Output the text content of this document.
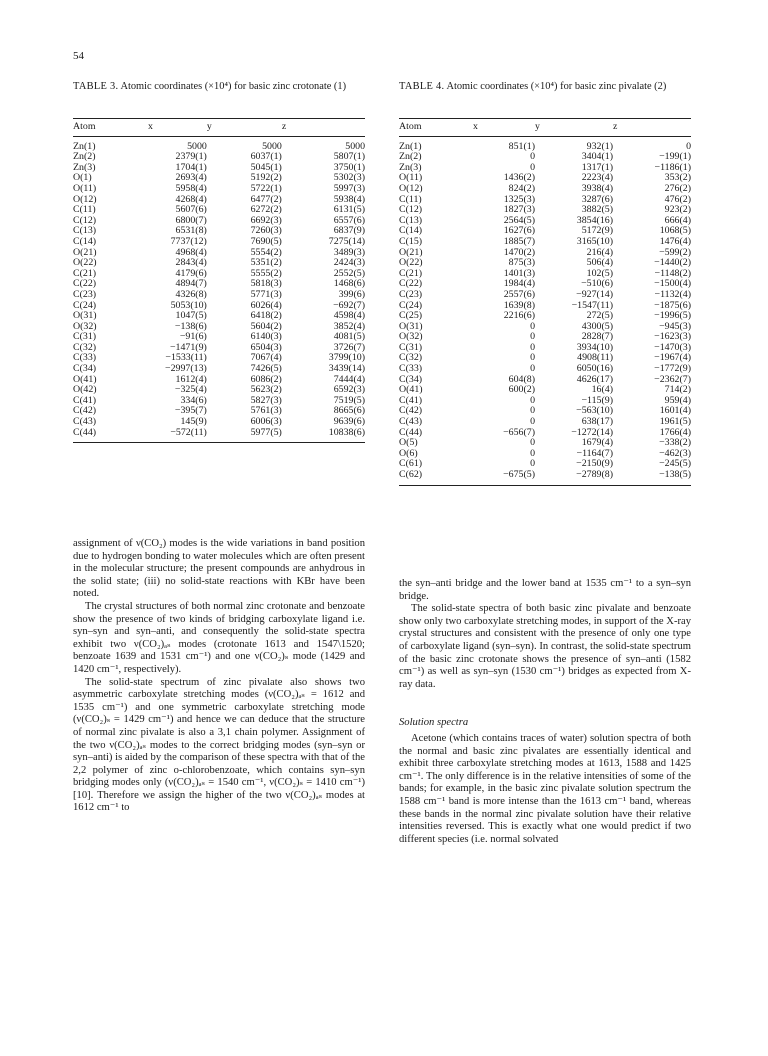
54
TABLE 3. Atomic coordinates (×10⁴) for basic zinc crotonate (1)
Atom	x	y	z
Zn(1)	5000	5000	5000
Zn(2)	2379(1)	6037(1)	5807(1)
Zn(3)	1704(1)	5045(1)	3750(1)
O(1)	2693(4)	5192(2)	5302(3)
O(11)	5958(4)	5722(1)	5997(3)
O(12)	4268(4)	6477(2)	5938(4)
C(11)	5607(6)	6272(2)	6131(5)
C(12)	6800(7)	6692(3)	6557(6)
C(13)	6531(8)	7260(3)	6837(9)
C(14)	7737(12)	7690(5)	7275(14)
O(21)	4968(4)	5554(2)	3489(3)
O(22)	2843(4)	5351(2)	2424(3)
C(21)	4179(6)	5555(2)	2552(5)
C(22)	4894(7)	5818(3)	1468(6)
C(23)	4326(8)	5771(3)	399(6)
C(24)	5053(10)	6026(4)	−692(7)
O(31)	1047(5)	6418(2)	4598(4)
O(32)	−138(6)	5604(2)	3852(4)
C(31)	−91(6)	6140(3)	4081(5)
C(32)	−1471(9)	6504(3)	3726(7)
C(33)	−1533(11)	7067(4)	3799(10)
C(34)	−2997(13)	7426(5)	3439(14)
O(41)	1612(4)	6086(2)	7444(4)
O(42)	−325(4)	5623(2)	6592(3)
C(41)	334(6)	5827(3)	7519(5)
C(42)	−395(7)	5761(3)	8665(6)
C(43)	145(9)	6006(3)	9639(6)
C(44)	−572(11)	5977(5)	10838(6)
TABLE 4. Atomic coordinates (×10⁴) for basic zinc pivalate (2)
Atom	x	y	z
Zn(1)	851(1)	932(1)	0
Zn(2)	0	3404(1)	−199(1)
Zn(3)	0	1317(1)	−1186(1)
O(11)	1436(2)	2223(4)	353(2)
O(12)	824(2)	3938(4)	276(2)
C(11)	1325(3)	3287(6)	476(2)
C(12)	1827(3)	3882(5)	923(2)
C(13)	2564(5)	3854(16)	666(4)
C(14)	1627(6)	5172(9)	1068(5)
C(15)	1885(7)	3165(10)	1476(4)
O(21)	1470(2)	216(4)	−599(2)
O(22)	875(3)	506(4)	−1440(2)
C(21)	1401(3)	102(5)	−1148(2)
C(22)	1984(4)	−510(6)	−1500(4)
C(23)	2557(6)	−927(14)	−1132(4)
C(24)	1639(8)	−1547(11)	−1875(6)
C(25)	2216(6)	272(5)	−1996(5)
O(31)	0	4300(5)	−945(3)
O(32)	0	2828(7)	−1623(3)
C(31)	0	3934(10)	−1470(3)
C(32)	0	4908(11)	−1967(4)
C(33)	0	6050(16)	−1772(9)
C(34)	604(8)	4626(17)	−2362(7)
O(41)	600(2)	16(4)	714(2)
C(41)	0	−115(9)	959(4)
C(42)	0	−563(10)	1601(4)
C(43)	0	638(17)	1961(5)
C(44)	−656(7)	−1272(14)	1766(4)
O(5)	0	1679(4)	−338(2)
O(6)	0	−1164(7)	−462(3)
C(61)	0	−2150(9)	−245(5)
C(62)	−675(5)	−2789(8)	−138(5)

assignment of ν(CO₂) modes is the wide variations in band position due to hydrogen bonding to water molecules which are often present in the molecular structure; the present compounds are anhydrous in the solid state; (iii) no solid-state reactions with KBr have been noted.

The crystal structures of both normal zinc crotonate and benzoate show the presence of two kinds of bridging carboxylate ligand i.e. syn–syn and syn–anti, and consequently the solid-state spectra exhibit two ν(CO₂)ₐₛ modes (crotonate 1613 and 1547\1520; benzoate 1639 and 1531 cm⁻¹) and one ν(CO₂)ₛ mode (1429 and 1420 cm⁻¹, respectively).

The solid-state spectrum of zinc pivalate also shows two asymmetric carboxylate stretching modes (ν(CO₂)ₐₛ = 1612 and 1535 cm⁻¹) and one symmetric carboxylate stretching mode (ν(CO₂)ₛ = 1429 cm⁻¹) and hence we can deduce that the structure of normal zinc pivalate is also a 3,1 chain polymer. Assignment of the two ν(CO₂)ₐₛ modes to the correct bridging modes (syn–syn or syn–anti) is aided by the comparison of these spectra with that of the 2,2 polymer of zinc o-chlorobenzoate, which contains syn–syn bridging modes only (ν(CO₂)ₐₛ = 1540 cm⁻¹, ν(CO₂)ₛ = 1410 cm⁻¹) [10]. Therefore we assign the higher of the two ν(CO₂)ₐₛ modes at 1612 cm⁻¹ to

the syn–anti bridge and the lower band at 1535 cm⁻¹ to a syn–syn bridge.

The solid-state spectra of both basic zinc pivalate and benzoate show only two carboxylate stretching modes, in support of the X-ray crystal structures and consistent with the presence of only one type of carboxylate ligand (syn–syn). In contrast, the solid-state spectrum of the basic zinc crotonate shows the presence of syn–anti (1582 cm⁻¹) as well as syn–syn (1530 cm⁻¹) bridges as expected from X-ray data.

Solution spectra

Acetone (which contains traces of water) solution spectra of both the normal and basic zinc pivalates are essentially identical and exhibit three carboxylate stretching modes at 1613, 1588 and 1425 cm⁻¹. The only difference is in the relative intensities of some of the bands; for example, in the basic zinc pivalate solution spectrum the 1588 cm⁻¹ band is more intense than the 1613 cm⁻¹ band, whereas these bands in the normal zinc pivalate solution have their relative intensities reversed. This is exactly what one would predict if two different species (i.e. normal solvated
